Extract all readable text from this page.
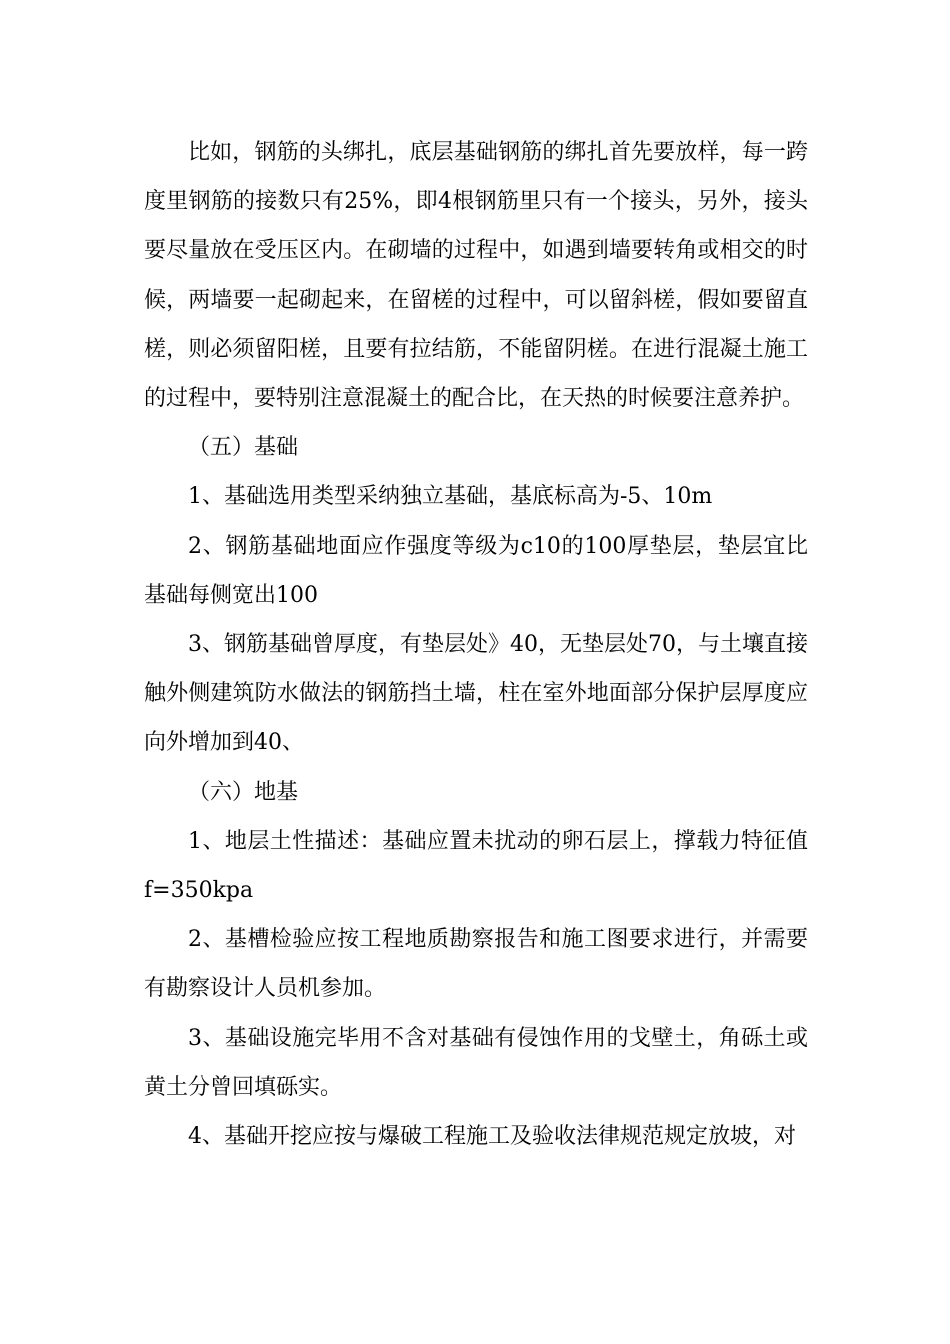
比如，钢筋的头绑扎，底层基础钢筋的绑扎首先要放样，每一跨度里钢筋的接数只有25%，即4根钢筋里只有一个接头，另外，接头要尽量放在受压区内。在砌墙的过程中，如遇到墙要转角或相交的时候，两墙要一起砌起来，在留槎的过程中，可以留斜槎，假如要留直槎，则必须留阳槎，且要有拉结筋，不能留阴槎。在进行混凝土施工的过程中，要特别注意混凝土的配合比，在天热的时候要注意养护。

（五）基础

1、基础选用类型采纳独立基础，基底标高为-5、10m

2、钢筋基础地面应作强度等级为c10的100厚垫层，垫层宜比基础每侧宽出100

3、钢筋基础曾厚度，有垫层处》40，无垫层处70，与土壤直接触外侧建筑防水做法的钢筋挡土墙，柱在室外地面部分保护层厚度应向外增加到40、

（六）地基

1、地层土性描述：基础应置未扰动的卵石层上，撑载力特征值f=350kpa

2、基槽检验应按工程地质勘察报告和施工图要求进行，并需要有勘察设计人员机参加。

3、基础设施完毕用不含对基础有侵蚀作用的戈壁土，角砾土或黄土分曾回填砾实。

4、基础开挖应按与爆破工程施工及验收法律规范规定放坡，对
